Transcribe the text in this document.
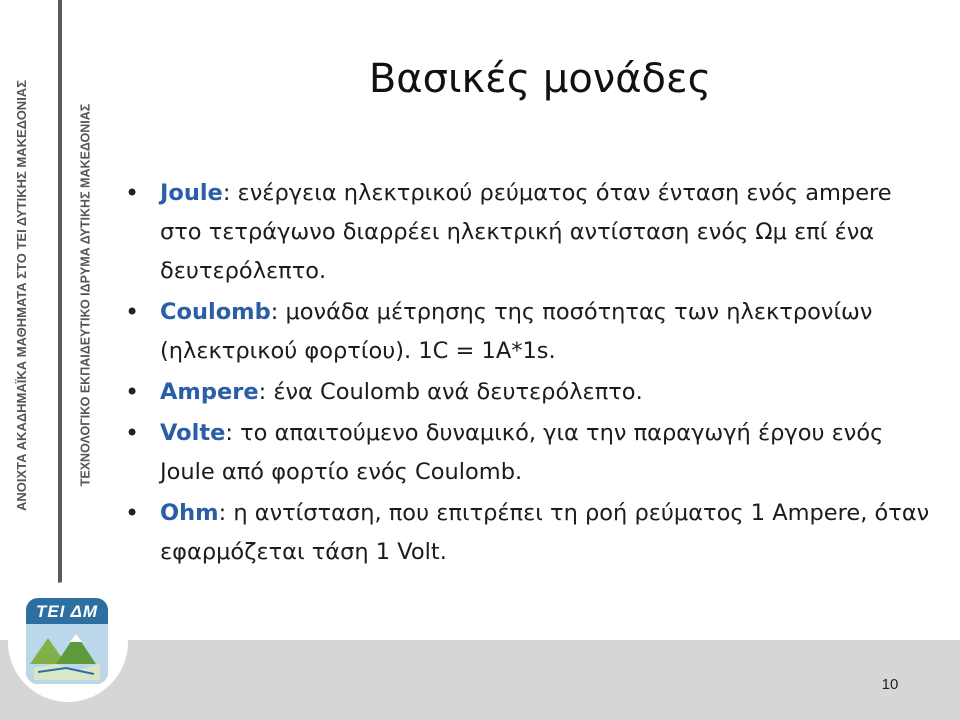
ΑΝΟΙΧΤΑ ΑΚΑΔΗΜΑΪΚΑ ΜΑΘΗΜΑΤΑ ΣΤΟ ΤΕΙ ΔΥΤΙΚΗΣ ΜΑΚΕΔΟΝΙΑΣ	ΤΕΧΝΟΛΟΓΙΚΟ ΕΚΠΑΙΔΕΥΤΙΚΟ ΙΔΡΥΜΑ ΔΥΤΙΚΗΣ ΜΑΚΕΔΟΝΙΑΣ
ΤΕΙ ΔΜ
Βασικές μονάδες
• Joule: ενέργεια ηλεκτρικού ρεύματος όταν ένταση ενός ampere στο τετράγωνο διαρρέει ηλεκτρική αντίσταση ενός Ωμ επί ένα δευτερόλεπτο.
• Coulomb: μονάδα μέτρησης της ποσότητας των ηλεκτρονίων (ηλεκτρικού φορτίου). 1C = 1A*1s.
• Ampere: ένα Coulomb ανά δευτερόλεπτο.
• Volte: το απαιτούμενο δυναμικό, για την παραγωγή έργου ενός Joule από φορτίο ενός Coulomb.
• Ohm: η αντίσταση, που επιτρέπει τη ροή ρεύματος 1 Ampere, όταν εφαρμόζεται τάση 1 Volt.
10
